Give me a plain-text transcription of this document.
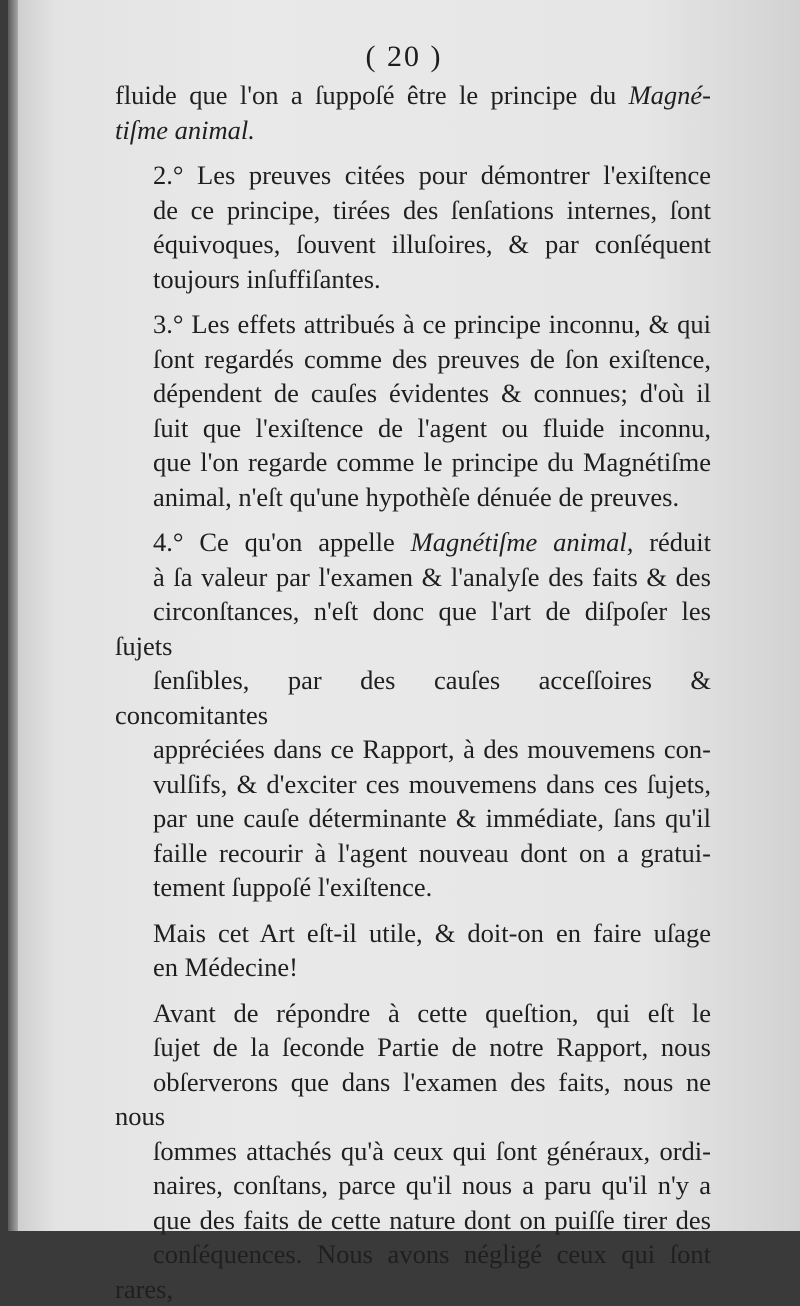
( 20 )

fluide que l'on a ſuppoſé être le principe du Magné-
tiſme animal.

2.° Les preuves citées pour démontrer l'exiſtence
de ce principe, tirées des ſenſations internes, ſont
équivoques, ſouvent illuſoires, & par conſéquent
toujours inſuffiſantes.

3.° Les effets attribués à ce principe inconnu, & qui
ſont regardés comme des preuves de ſon exiſtence,
dépendent de cauſes évidentes & connues; d'où il
ſuit que l'exiſtence de l'agent ou fluide inconnu,
que l'on regarde comme le principe du Magnétiſme
animal, n'eſt qu'une hypothèſe dénuée de preuves.

4.° Ce qu'on appelle Magnétiſme animal, réduit
à ſa valeur par l'examen & l'analyſe des faits & des
circonſtances, n'eſt donc que l'art de diſpoſer les ſujets
ſenſibles, par des cauſes acceſſoires & concomitantes
appréciées dans ce Rapport, à des mouvemens con-
vulſifs, & d'exciter ces mouvemens dans ces ſujets,
par une cauſe déterminante & immédiate, ſans qu'il
faille recourir à l'agent nouveau dont on a gratui-
tement ſuppoſé l'exiſtence.

Mais cet Art eſt-il utile, & doit-on en faire uſage
en Médecine!

Avant de répondre à cette queſtion, qui eſt le
ſujet de la ſeconde Partie de notre Rapport, nous
obſerverons que dans l'examen des faits, nous ne nous
ſommes attachés qu'à ceux qui ſont généraux, ordi-
naires, conſtans, parce qu'il nous a paru qu'il n'y a
que des faits de cette nature dont on puiſſe tirer des
conſéquences. Nous avons négligé ceux qui ſont rares,
